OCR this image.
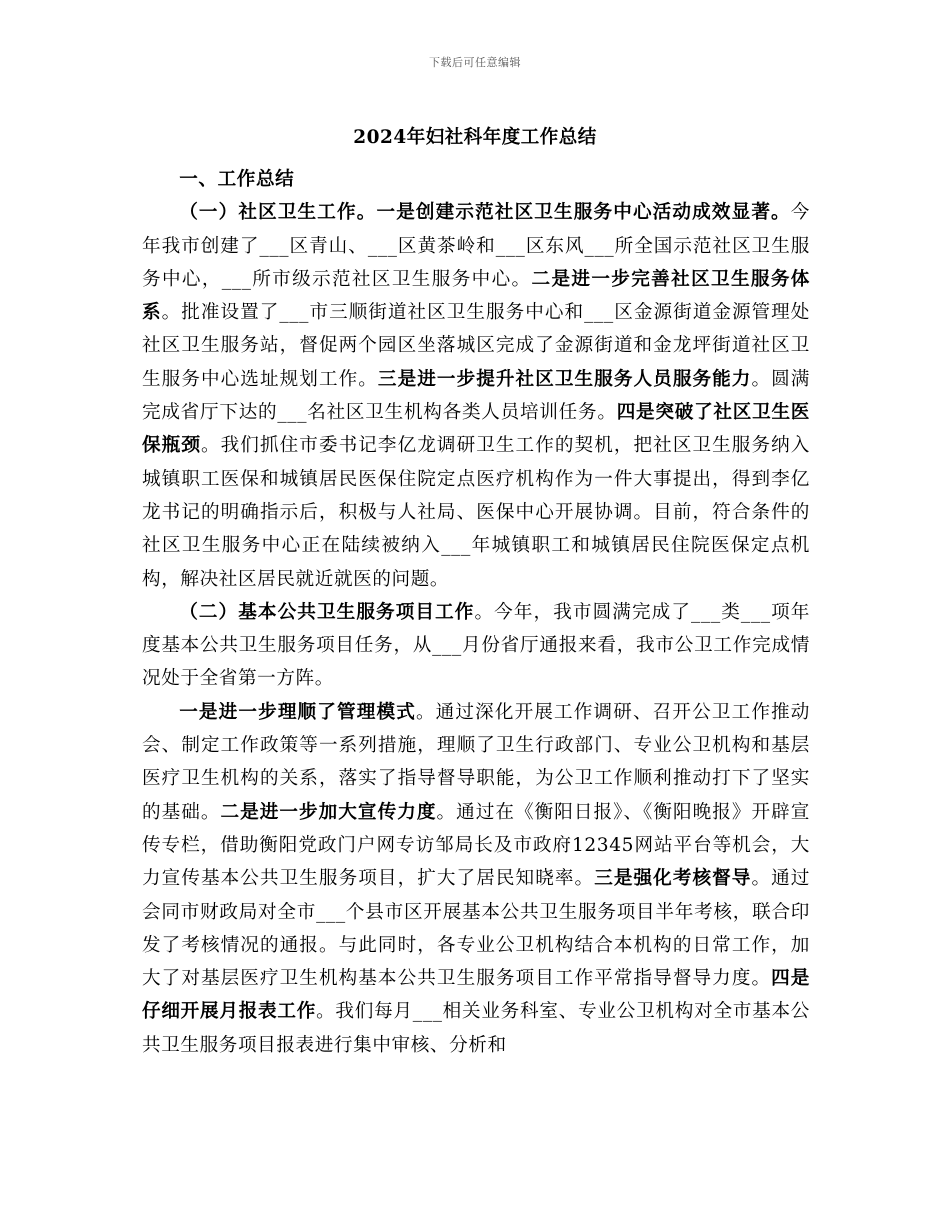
下载后可任意编辑
2024年妇社科年度工作总结

一、工作总结

（一）社区卫生工作。一是创建示范社区卫生服务中心活动成效显著。今年我市创建了___区青山、___区黄茶岭和___区东风___所全国示范社区卫生服务中心，___所市级示范社区卫生服务中心。二是进一步完善社区卫生服务体系。批准设置了___市三顺街道社区卫生服务中心和___区金源街道金源管理处社区卫生服务站，督促两个园区坐落城区完成了金源街道和金龙坪街道社区卫生服务中心选址规划工作。三是进一步提升社区卫生服务人员服务能力。圆满完成省厅下达的___名社区卫生机构各类人员培训任务。四是突破了社区卫生医保瓶颈。我们抓住市委书记李亿龙调研卫生工作的契机，把社区卫生服务纳入城镇职工医保和城镇居民医保住院定点医疗机构作为一件大事提出，得到李亿龙书记的明确指示后，积极与人社局、医保中心开展协调。目前，符合条件的社区卫生服务中心正在陆续被纳入___年城镇职工和城镇居民住院医保定点机构，解决社区居民就近就医的问题。

（二）基本公共卫生服务项目工作。今年，我市圆满完成了___类___项年度基本公共卫生服务项目任务，从___月份省厅通报来看，我市公卫工作完成情况处于全省第一方阵。

一是进一步理顺了管理模式。通过深化开展工作调研、召开公卫工作推动会、制定工作政策等一系列措施，理顺了卫生行政部门、专业公卫机构和基层医疗卫生机构的关系，落实了指导督导职能，为公卫工作顺利推动打下了坚实的基础。二是进一步加大宣传力度。通过在《衡阳日报》、《衡阳晚报》开辟宣传专栏，借助衡阳党政门户网专访邹局长及市政府12345网站平台等机会，大力宣传基本公共卫生服务项目，扩大了居民知晓率。三是强化考核督导。通过会同市财政局对全市___个县市区开展基本公共卫生服务项目半年考核，联合印发了考核情况的通报。与此同时，各专业公卫机构结合本机构的日常工作，加大了对基层医疗卫生机构基本公共卫生服务项目工作平常指导督导力度。四是仔细开展月报表工作。我们每月___相关业务科室、专业公卫机构对全市基本公共卫生服务项目报表进行集中审核、分析和
